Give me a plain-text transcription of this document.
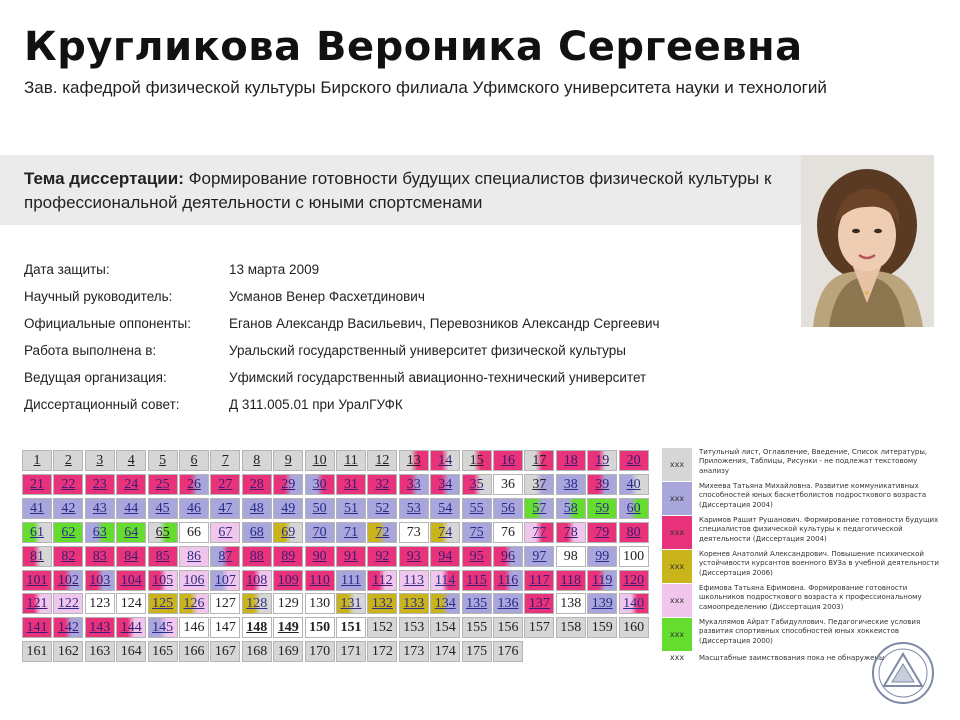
Кругликова Вероника Сергеевна
Зав. кафедрой физической культуры Бирского филиала Уфимского университета науки и технологий
Тема диссертации: Формирование готовности будущих специалистов физической культуры к профессиональной деятельности с юными спортсменами
Дата защиты:	13 марта 2009
Научный руководитель:	Усманов Венер Фасхетдинович
Официальные оппоненты:	Еганов Александр Васильевич, Перевозников Александр Сергеевич
Работа выполнена в:	Уральский государственный университет физической культуры
Ведущая организация:	Уфимский государственный авиационно-технический университет
Диссертационный совет:	Д 311.005.01 при УралГУФК
1	2	3	4	5	6	7	8	9	10	11	12	13	14	15	16	17	18	19	20
21	22	23	24	25	26	27	28	29	30	31	32	33	34	35	36	37	38	39	40
41	42	43	44	45	46	47	48	49	50	51	52	53	54	55	56	57	58	59	60
61	62	63	64	65	66	67	68	69	70	71	72	73	74	75	76	77	78	79	80
81	82	83	84	85	86	87	88	89	90	91	92	93	94	95	96	97	98	99 100
101 102 103 104 105 106 107 108 109 110 111 112 113 114 115 116 117 118 119 120
121 122 123 124 125 126 127 128 129 130 131 132 133 134 135 136 137 138 139 140
141 142 143 144 145 146 147 148 149 150 151 152 153 154 155 156 157 158 159 160
161 162 163 164 165 166 167 168 169 170 171 172 173 174 175 176
xxx
Титульный лист, Оглавление, Введение, Список литературы, Приложения, Таблицы, Рисунки - не подлежат текстовому анализу
xxx
Михеева Татьяна Михайловна. Развитие коммуникативных способностей юных баскетболистов подросткового возраста (Диссертация 2004)
xxx
Каримов Рашит Рушанович. Формирование готовности будущих специалистов физической культуры к педагогической деятельности (Диссертация 2004)
xxx
Коренев Анатолий Александрович. Повышение психической устойчивости курсантов военного ВУЗа в учебной деятельности (Диссертация 2006)
xxx
Ефимова Татьяна Ефимовна. Формирование готовности школьников подросткового возраста к профессиональному самоопределению (Диссертация 2003)
xxx
Мукаллямов Айрат Габидуллович. Педагогические условия развития спортивных способностей юных хоккеистов (Диссертация 2000)
xxx	Масштабные заимствования пока не обнаружены
